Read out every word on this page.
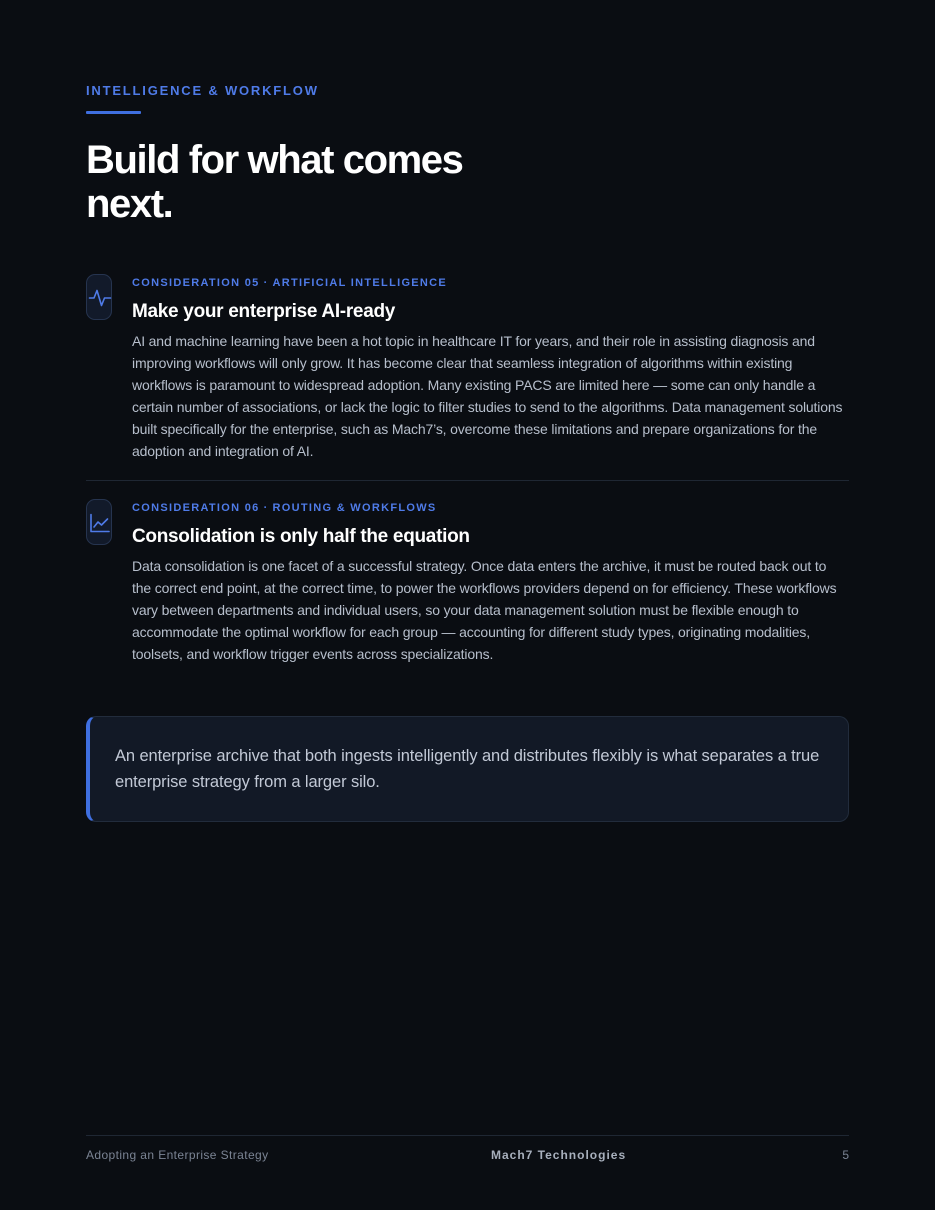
INTELLIGENCE & WORKFLOW
Build for what comes next.
CONSIDERATION 05 · ARTIFICIAL INTELLIGENCE
Make your enterprise AI-ready
AI and machine learning have been a hot topic in healthcare IT for years, and their role in assisting diagnosis and improving workflows will only grow. It has become clear that seamless integration of algorithms within existing workflows is paramount to widespread adoption. Many existing PACS are limited here — some can only handle a certain number of associations, or lack the logic to filter studies to send to the algorithms. Data management solutions built specifically for the enterprise, such as Mach7’s, overcome these limitations and prepare organizations for the adoption and integration of AI.
CONSIDERATION 06 · ROUTING & WORKFLOWS
Consolidation is only half the equation
Data consolidation is one facet of a successful strategy. Once data enters the archive, it must be routed back out to the correct end point, at the correct time, to power the workflows providers depend on for efficiency. These workflows vary between departments and individual users, so your data management solution must be flexible enough to accommodate the optimal workflow for each group — accounting for different study types, originating modalities, toolsets, and workflow trigger events across specializations.
An enterprise archive that both ingests intelligently and distributes flexibly is what separates a true enterprise strategy from a larger silo.
Adopting an Enterprise Strategy	Mach7 Technologies	5
